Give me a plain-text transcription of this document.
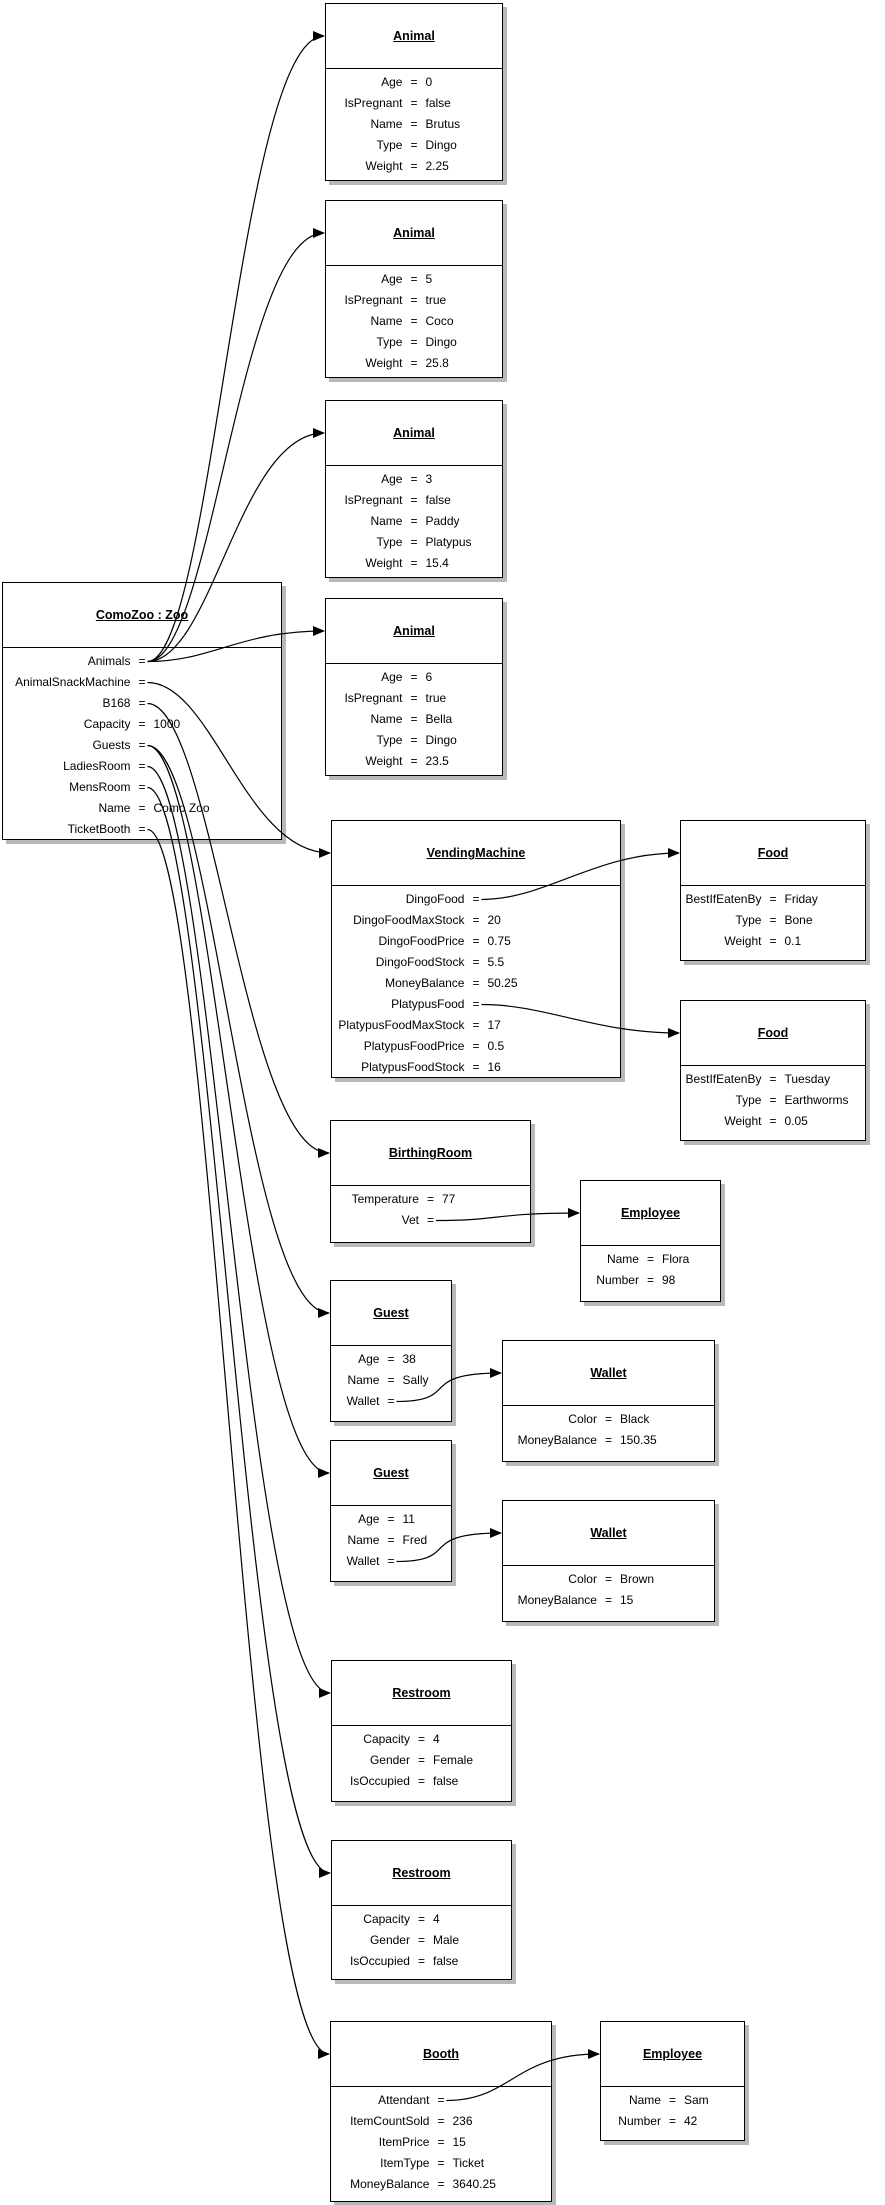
ComoZoo : Zoo
Animals =
AnimalSnackMachine =
B168 =
Capacity = 1000
Guests =
LadiesRoom =
MensRoom =
Name = Como Zoo
TicketBooth =
Animal
Age = 0
IsPregnant = false
Name = Brutus
Type = Dingo
Weight = 2.25
Animal
Age = 5
IsPregnant = true
Name = Coco
Type = Dingo
Weight = 25.8
Animal
Age = 3
IsPregnant = false
Name = Paddy
Type = Platypus
Weight = 15.4
Animal
Age = 6
IsPregnant = true
Name = Bella
Type = Dingo
Weight = 23.5
VendingMachine
DingoFood =
DingoFoodMaxStock = 20
DingoFoodPrice = 0.75
DingoFoodStock = 5.5
MoneyBalance = 50.25
PlatypusFood =
PlatypusFoodMaxStock = 17
PlatypusFoodPrice = 0.5
PlatypusFoodStock = 16
Food
BestIfEatenBy = Friday
Type = Bone
Weight = 0.1
Food
BestIfEatenBy = Tuesday
Type = Earthworms
Weight = 0.05
BirthingRoom
Temperature = 77
Vet =	Employee
Name = Flora
Number = 98
Guest
Age = 38
Name = Sally
Wallet =
Wallet
Color = Black
MoneyBalance = 150.35
Guest
Age = 11
Name = Fred
Wallet =
Wallet
Color = Brown
MoneyBalance = 15
Restroom
Capacity = 4
Gender = Female
IsOccupied = false
Restroom
Capacity = 4
Gender = Male
IsOccupied = false
Booth
Attendant =
ItemCountSold = 236
ItemPrice = 15
ItemType = Ticket
MoneyBalance = 3640.25
Employee
Name = Sam
Number = 42
